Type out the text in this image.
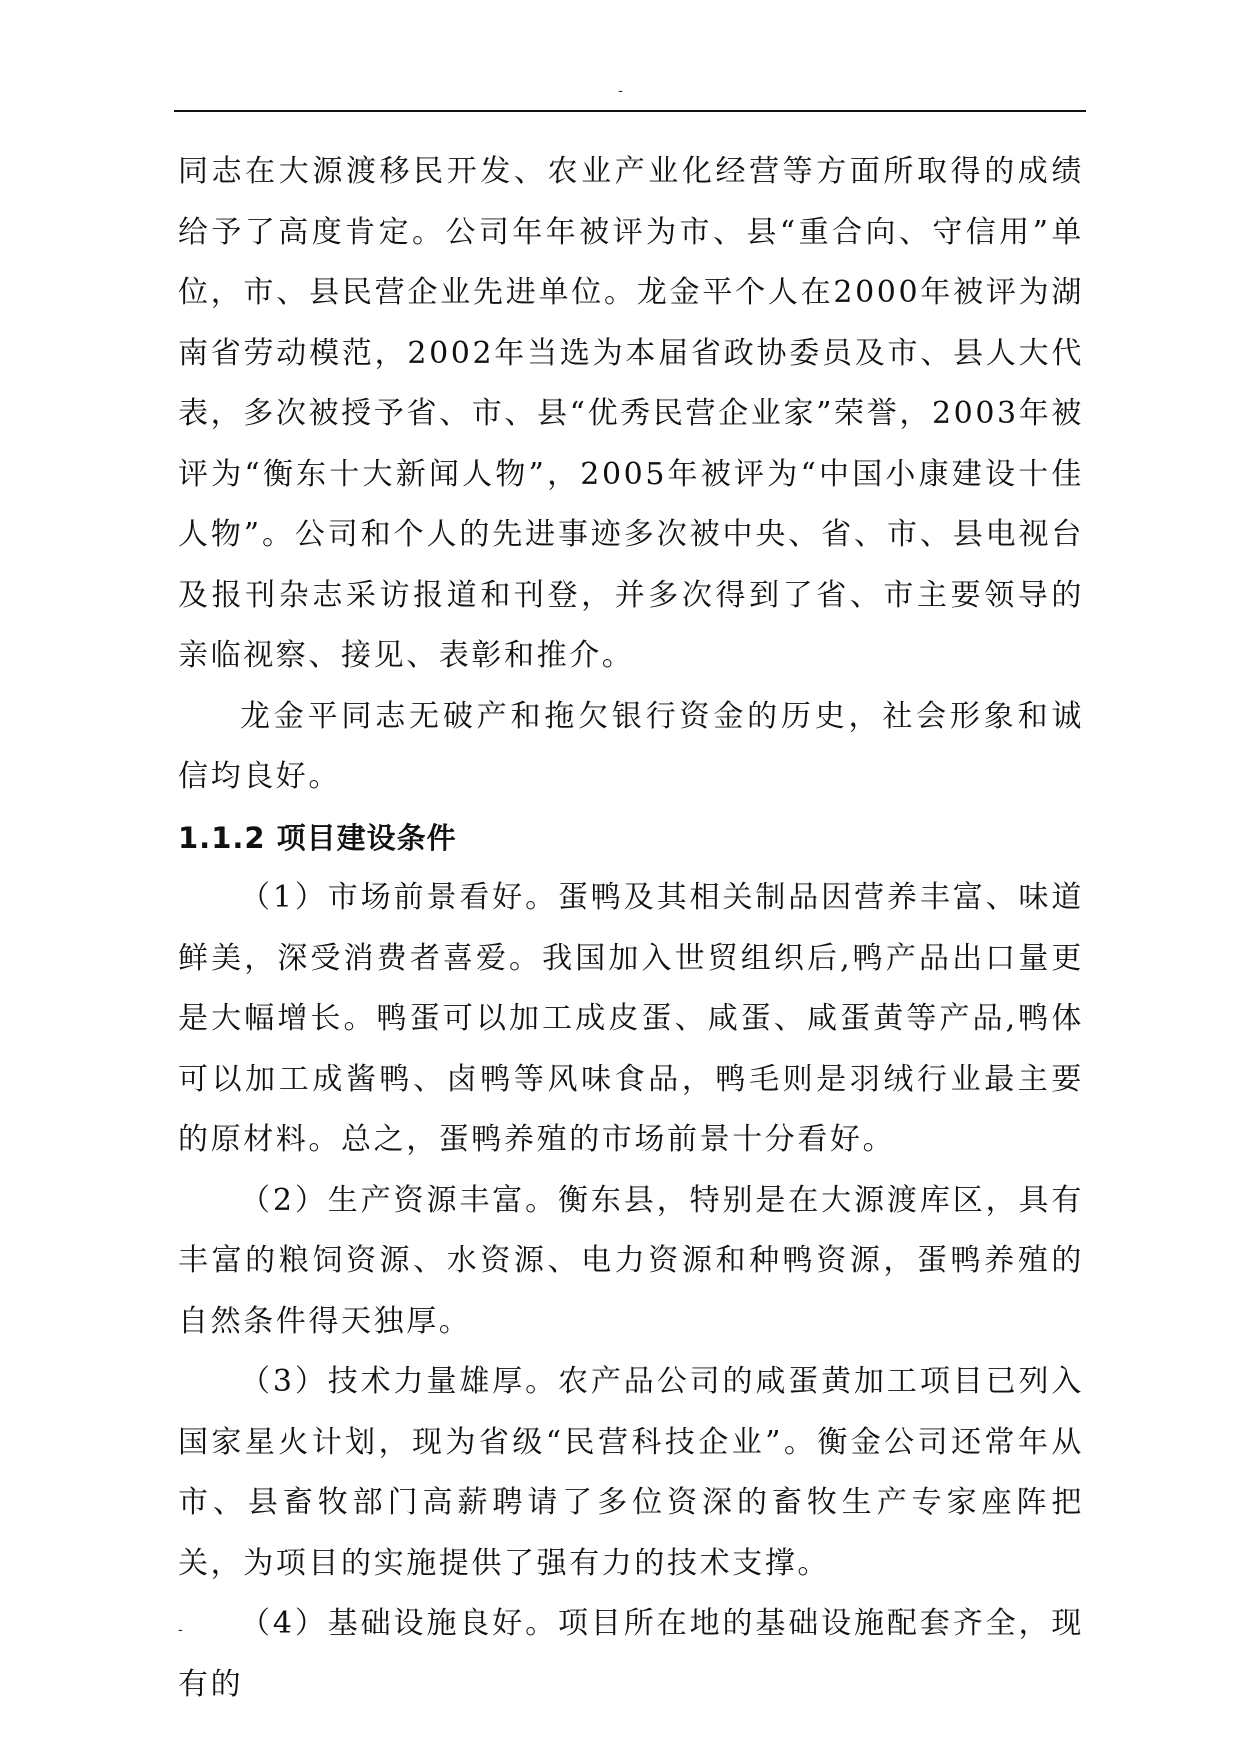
-

同志在大源渡移民开发、农业产业化经营等方面所取得的成绩给予了高度肯定。公司年年被评为市、县“重合向、守信用”单位，市、县民营企业先进单位。龙金平个人在2000年被评为湖南省劳动模范，2002年当选为本届省政协委员及市、县人大代表，多次被授予省、市、县“优秀民营企业家”荣誉，2003年被评为“衡东十大新闻人物”，2005年被评为“中国小康建设十佳人物”。公司和个人的先进事迹多次被中央、省、市、县电视台及报刊杂志采访报道和刊登，并多次得到了省、市主要领导的亲临视察、接见、表彰和推介。

龙金平同志无破产和拖欠银行资金的历史，社会形象和诚信均良好。

1.1.2 项目建设条件

（1）市场前景看好。蛋鸭及其相关制品因营养丰富、味道鲜美，深受消费者喜爱。我国加入世贸组织后,鸭产品出口量更是大幅增长。鸭蛋可以加工成皮蛋、咸蛋、咸蛋黄等产品,鸭体可以加工成酱鸭、卤鸭等风味食品，鸭毛则是羽绒行业最主要的原材料。总之，蛋鸭养殖的市场前景十分看好。

（2）生产资源丰富。衡东县，特别是在大源渡库区，具有丰富的粮饲资源、水资源、电力资源和种鸭资源，蛋鸭养殖的自然条件得天独厚。

（3）技术力量雄厚。农产品公司的咸蛋黄加工项目已列入国家星火计划，现为省级“民营科技企业”。衡金公司还常年从市、县畜牧部门高薪聘请了多位资深的畜牧生产专家座阵把关，为项目的实施提供了强有力的技术支撑。

（4）基础设施良好。项目所在地的基础设施配套齐全，现有的

-
